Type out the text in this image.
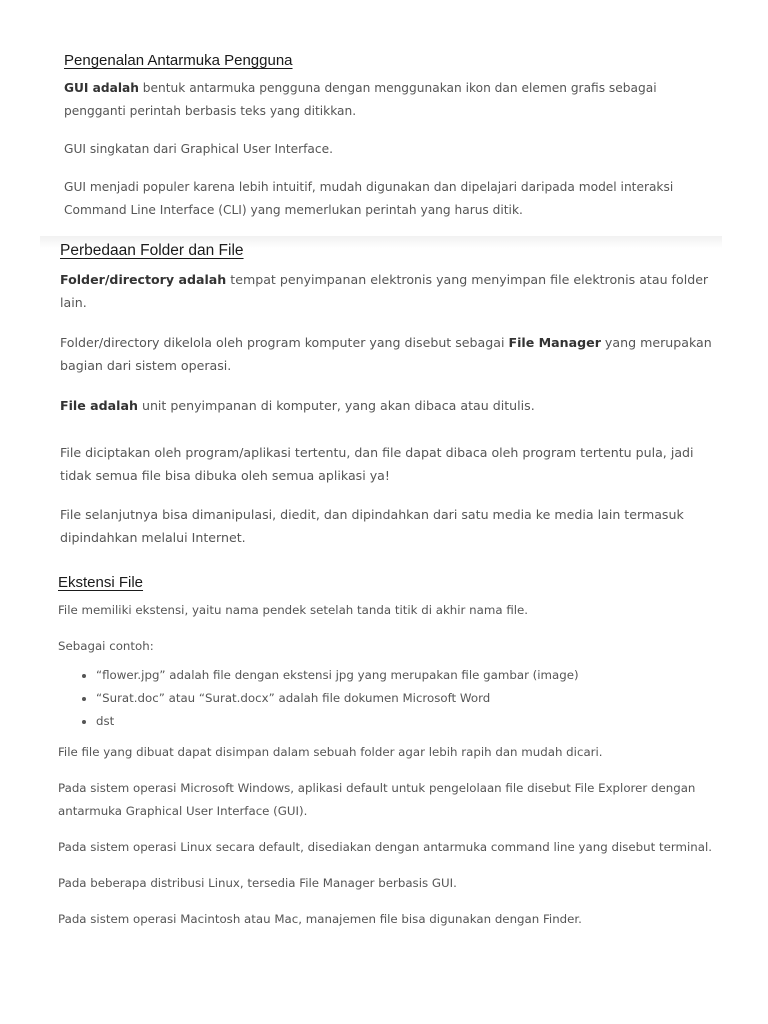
Pengenalan Antarmuka Pengguna

GUI adalah bentuk antarmuka pengguna dengan menggunakan ikon dan elemen grafis sebagai pengganti perintah berbasis teks yang ditikkan.

GUI singkatan dari Graphical User Interface.

GUI menjadi populer karena lebih intuitif, mudah digunakan dan dipelajari daripada model interaksi Command Line Interface (CLI) yang memerlukan perintah yang harus ditik.

Perbedaan Folder dan File

Folder/directory adalah tempat penyimpanan elektronis yang menyimpan file elektronis atau folder lain.

Folder/directory dikelola oleh program komputer yang disebut sebagai File Manager yang merupakan bagian dari sistem operasi.

File adalah unit penyimpanan di komputer, yang akan dibaca atau ditulis.

File diciptakan oleh program/aplikasi tertentu, dan file dapat dibaca oleh program tertentu pula, jadi tidak semua file bisa dibuka oleh semua aplikasi ya!

File selanjutnya bisa dimanipulasi, diedit, dan dipindahkan dari satu media ke media lain termasuk dipindahkan melalui Internet.

Ekstensi File

File memiliki ekstensi, yaitu nama pendek setelah tanda titik di akhir nama file.

Sebagai contoh:

• “flower.jpg” adalah file dengan ekstensi jpg yang merupakan file gambar (image)
• “Surat.doc” atau “Surat.docx” adalah file dokumen Microsoft Word
• dst

File file yang dibuat dapat disimpan dalam sebuah folder agar lebih rapih dan mudah dicari.

Pada sistem operasi Microsoft Windows, aplikasi default untuk pengelolaan file disebut File Explorer dengan antarmuka Graphical User Interface (GUI).

Pada sistem operasi Linux secara default, disediakan dengan antarmuka command line yang disebut terminal.

Pada beberapa distribusi Linux, tersedia File Manager berbasis GUI.

Pada sistem operasi Macintosh atau Mac, manajemen file bisa digunakan dengan Finder.
